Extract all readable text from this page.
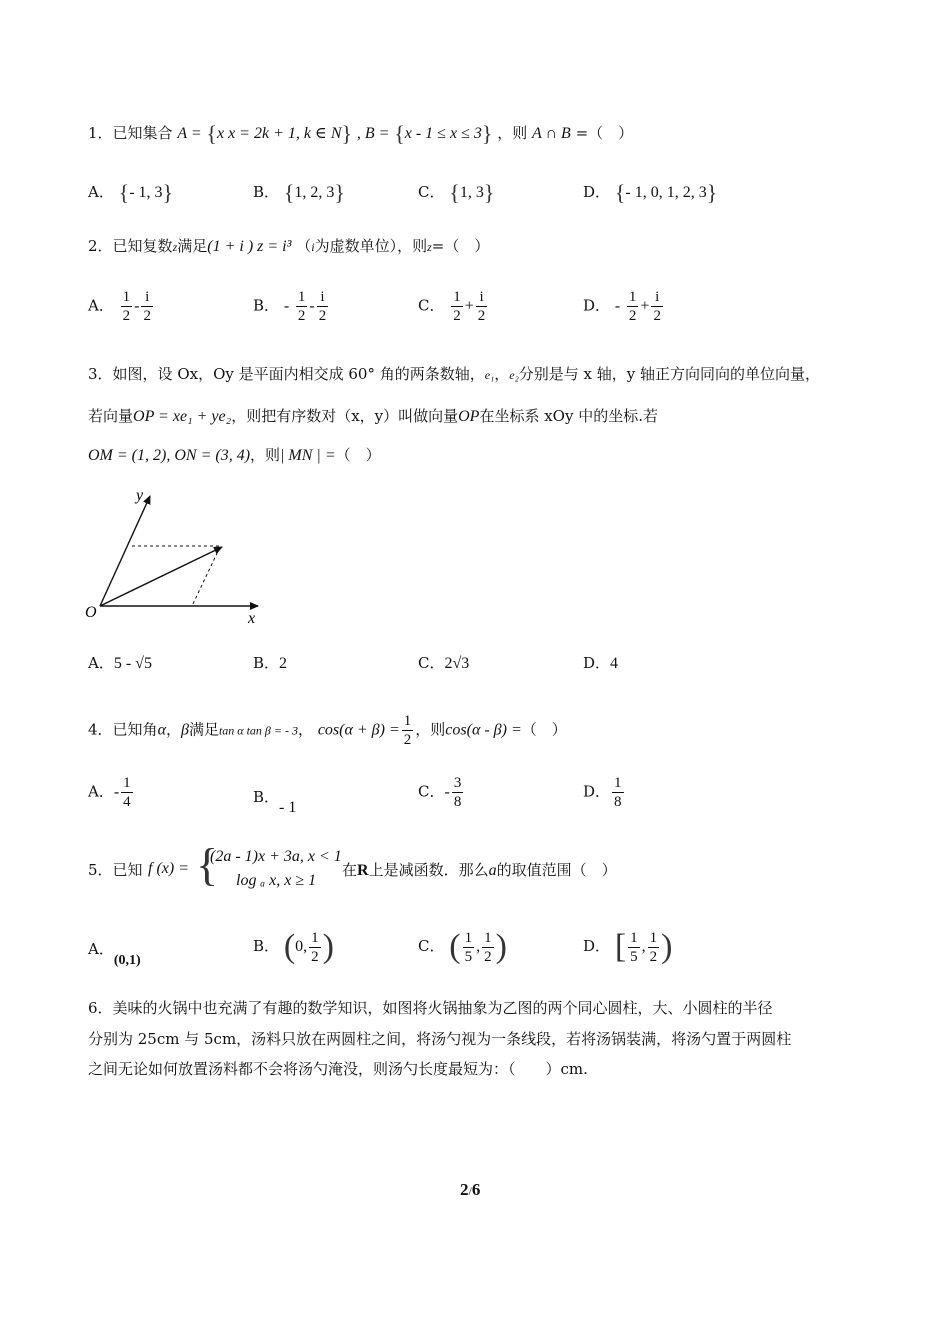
1．已知集合 A = {x x = 2k + 1, k ∈ N} , B = {x - 1 ≤ x ≤ 3} ，则 A ∩ B =（　）
A． {- 1, 3}	B． {1, 2, 3}	C． {1, 3}	D． {- 1, 0, 1, 2, 3}
2．已知复数z满足(1 + i ) z = i³ （i为虚数单位），则z=（　）
A． $\frac{1}{2} - \frac{i}{2}$	B． - $\frac{1}{2} - \frac{i}{2}$	C． $\frac{1}{2} + \frac{i}{2}$	D． - $\frac{1}{2} + \frac{i}{2}$
3．如图，设 Ox，Oy 是平面内相交成 60° 角的两条数轴，e₁，e₂分别是与 x 轴，y 轴正方向同向的单位向量，
若向量OP = xe₁ + ye₂，则把有序数对（x，y）叫做向量OP在坐标系 xOy 中的坐标.若
OM = (1, 2), ON = (3, 4)，则| MN | =（　）
y
x
O
A．5 - √5	B．2	C．2√3	D．4
4．已知角α，β满足tan α tan β = - 3， $\cos(\alpha + \beta) = \frac{1}{2}$ ，则cos(α - β) =（　）
A．- $\frac{1}{4}$	B．- 1
C．- $\frac{3}{8}$	D． $\frac{1}{8}$
5．已知 f (x) = {
(2a - 1)x + 3a, x < 1
log ₐ x, x ≥ 1
在R上是减函数．那么a的取值范围（　）
A．(0,1)
B． (0, $\frac{1}{2}$ )	C． ( $\frac{1}{5}$ , $\frac{1}{2}$ )	D． [ $\frac{1}{5}$ , $\frac{1}{2}$ )
6．美味的火锅中也充满了有趣的数学知识，如图将火锅抽象为乙图的两个同心圆柱，大、小圆柱的半径
分别为 25cm 与 5cm，汤料只放在两圆柱之间，将汤勺视为一条线段，若将汤锅装满，将汤勺置于两圆柱
之间无论如何放置汤料都不会将汤勺淹没，则汤勺长度最短为：（　　）cm.
2/6
